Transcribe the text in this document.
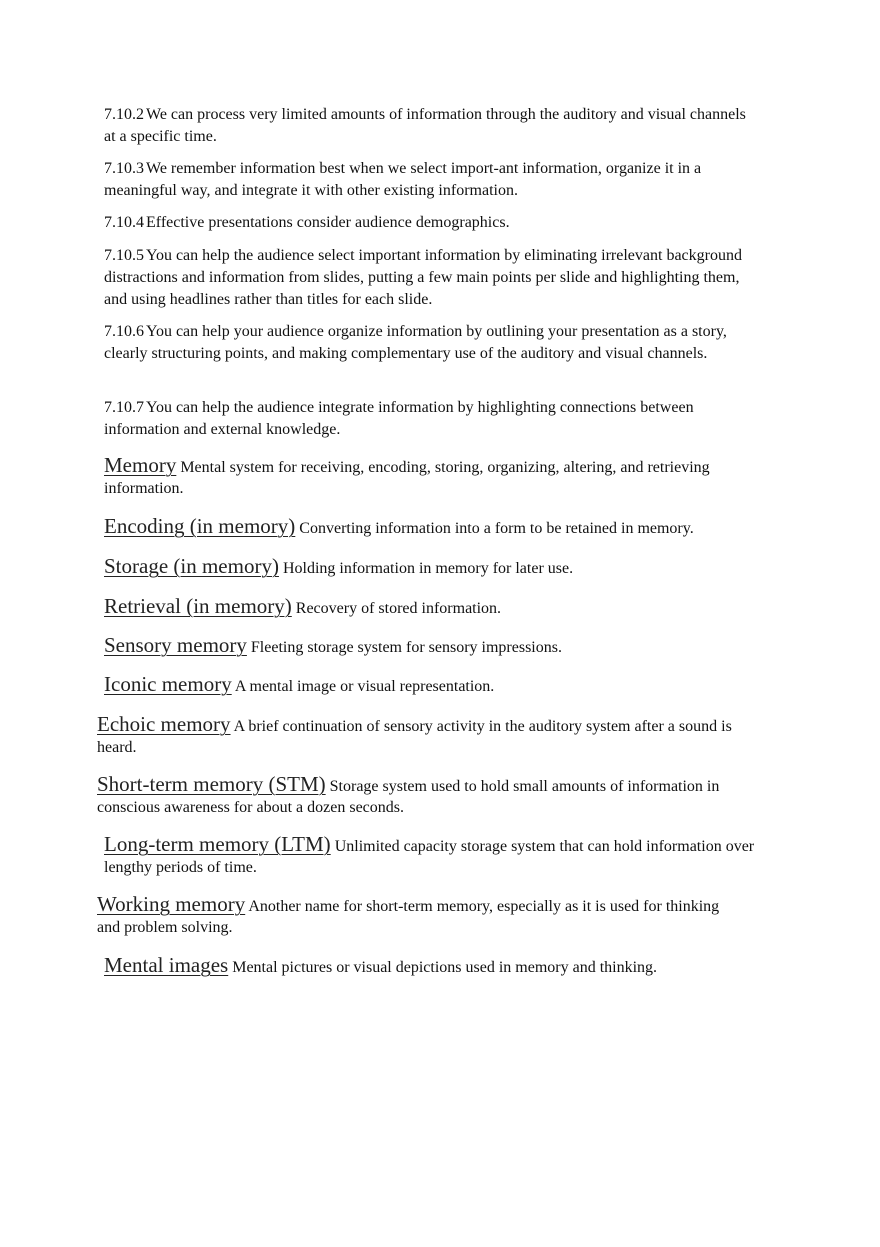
7.10.2 We can process very limited amounts of information through the auditory and visual channels at a specific time.

7.10.3 We remember information best when we select import-ant information, organize it in a meaningful way, and integrate it with other existing information.

7.10.4 Effective presentations consider audience demographics.

7.10.5 You can help the audience select important information by eliminating irrelevant background distractions and information from slides, putting a few main points per slide and highlighting them, and using headlines rather than titles for each slide.

7.10.6 You can help your audience organize information by outlining your presentation as a story, clearly structuring points, and making complementary use of the auditory and visual channels.

7.10.7 You can help the audience integrate information by highlighting connections between information and external knowledge.

Memory Mental system for receiving, encoding, storing, organizing, altering, and retrieving information.

Encoding (in memory) Converting information into a form to be retained in memory.

Storage (in memory) Holding information in memory for later use.

Retrieval (in memory) Recovery of stored information.

Sensory memory Fleeting storage system for sensory impressions.

Iconic memory A mental image or visual representation.

Echoic memory A brief continuation of sensory activity in the auditory system after a sound is heard.

Short-term memory (STM) Storage system used to hold small amounts of information in conscious awareness for about a dozen seconds.

Long-term memory (LTM) Unlimited capacity storage system that can hold information over lengthy periods of time.

Working memory Another name for short-term memory, especially as it is used for thinking and problem solving.

Mental images Mental pictures or visual depictions used in memory and thinking.
